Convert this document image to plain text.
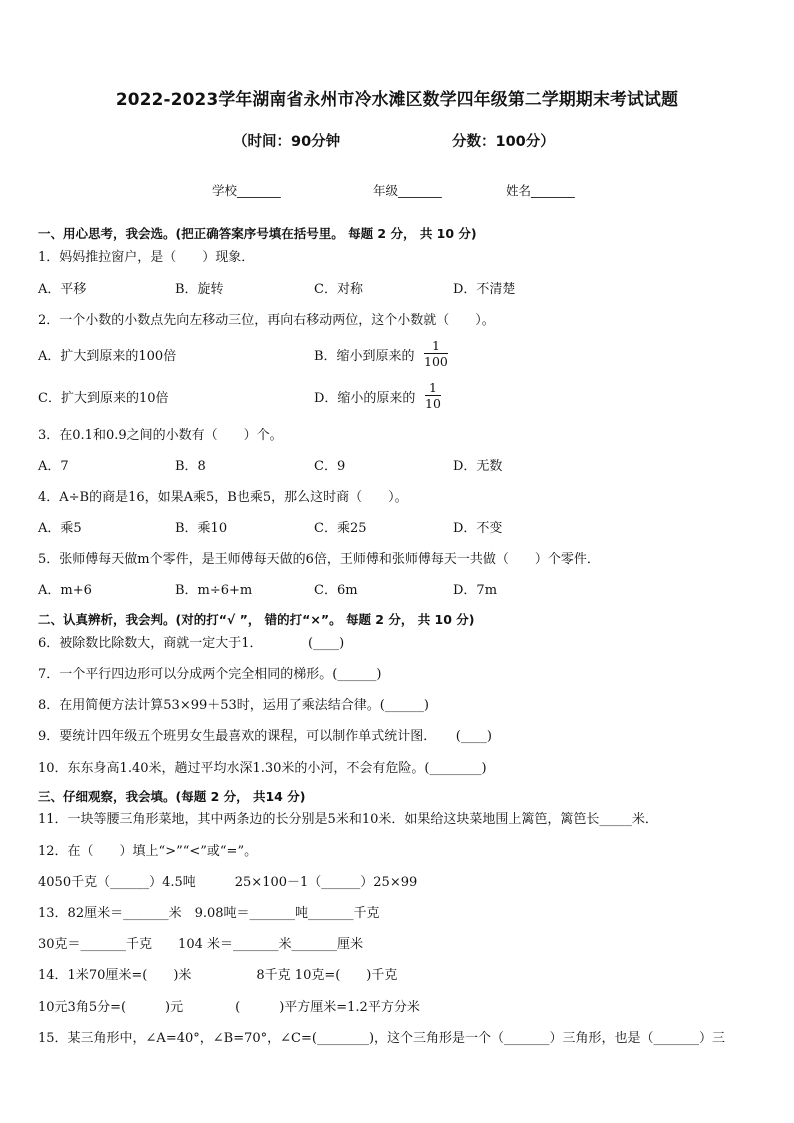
2022-2023学年湖南省永州市冷水滩区数学四年级第二学期期末考试试题
（时间：90分钟	分数：100分）
学校_______	年级_______	姓名_______
一、用心思考，我会选。(把正确答案序号填在括号里。 每题 2 分， 共 10 分)
1．妈妈推拉窗户，是（　　）现象．
A．平移	B．旋转	C．对称	D．不清楚
2．一个小数的小数点先向左移动三位，再向右移动两位，这个小数就（　　）。
A．扩大到原来的100倍	B．缩小到原来的
1
100
C．扩大到原来的10倍	D．缩小的原来的
1
10
3．在0.1和0.9之间的小数有（　　）个。
A．7	B．8	C．9	D．无数
4．A÷B的商是16，如果A乘5，B也乘5，那么这时商（　　）。
A．乘5	B．乘10	C．乘25	D．不变
5．张师傅每天做m个零件，是王师傅每天做的6倍，王师傅和张师傅每天一共做（　　）个零件．
A．m+6	B．m÷6+m	C．6m	D．7m
二、认真辨析，我会判。(对的打“√ ”， 错的打“×”。 每题 2 分， 共 10 分)
6．被除数比除数大，商就一定大于1．　　　　(____)
7．一个平行四边形可以分成两个完全相同的梯形。(______)
8．在用简便方法计算53×99＋53时，运用了乘法结合律。(______)
9．要统计四年级五个班男女生最喜欢的课程，可以制作单式统计图．　　(____)
10．东东身高1.40米，趟过平均水深1.30米的小河，不会有危险。(________)
三、仔细观察，我会填。(每题 2 分， 共14 分)
11．一块等腰三角形菜地，其中两条边的长分别是5米和10米．如果给这块菜地围上篱笆，篱笆长_____米．
12．在（　　）填上“>”“<”或“=”。
4050千克（______）4.5吨　　　25×100－1（______）25×99
13．82厘米＝_______米　9.08吨＝_______吨_______千克
30克＝_______千克　　104 米＝_______米_______厘米
14．1米70厘米=(　　)米　　　　　8千克 10克=(　　)千克
10元3角5分=(　　　)元　　　　(　　　)平方厘米=1.2平方分米
15．某三角形中，∠A=40°，∠B=70°，∠C=(________)，这个三角形是一个（_______）三角形，也是（_______）三
